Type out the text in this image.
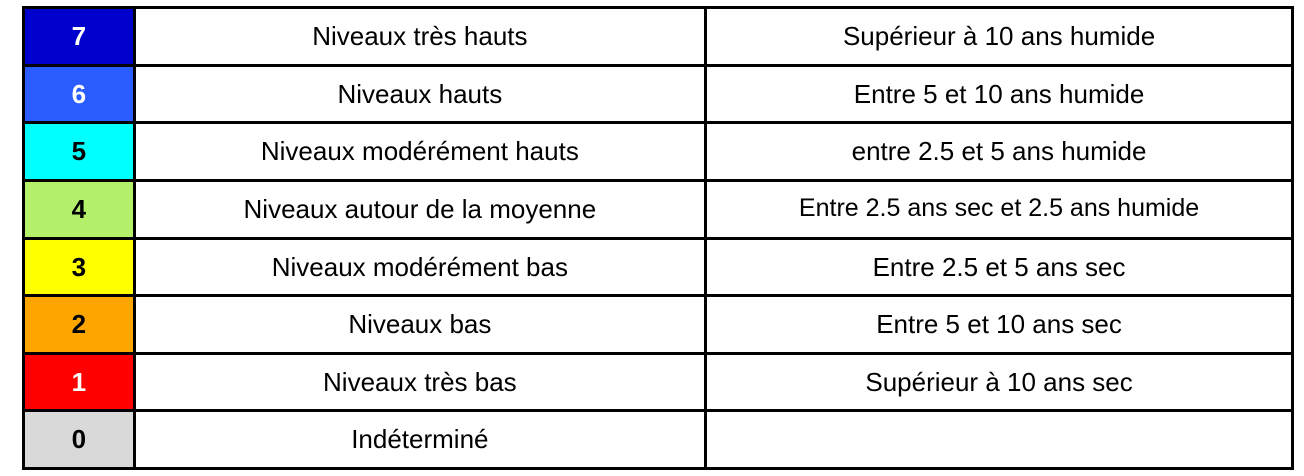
7	Niveaux très hauts	Supérieur à 10 ans humide
6	Niveaux hauts	Entre 5 et 10 ans humide
5	Niveaux modérément hauts	entre 2.5 et 5 ans humide
4	Niveaux autour de la moyenne	Entre 2.5 ans sec et 2.5 ans humide
3	Niveaux modérément bas	Entre 2.5 et 5 ans sec
2	Niveaux bas	Entre 5 et 10 ans sec
1	Niveaux très bas	Supérieur à 10 ans sec
0	Indéterminé	
